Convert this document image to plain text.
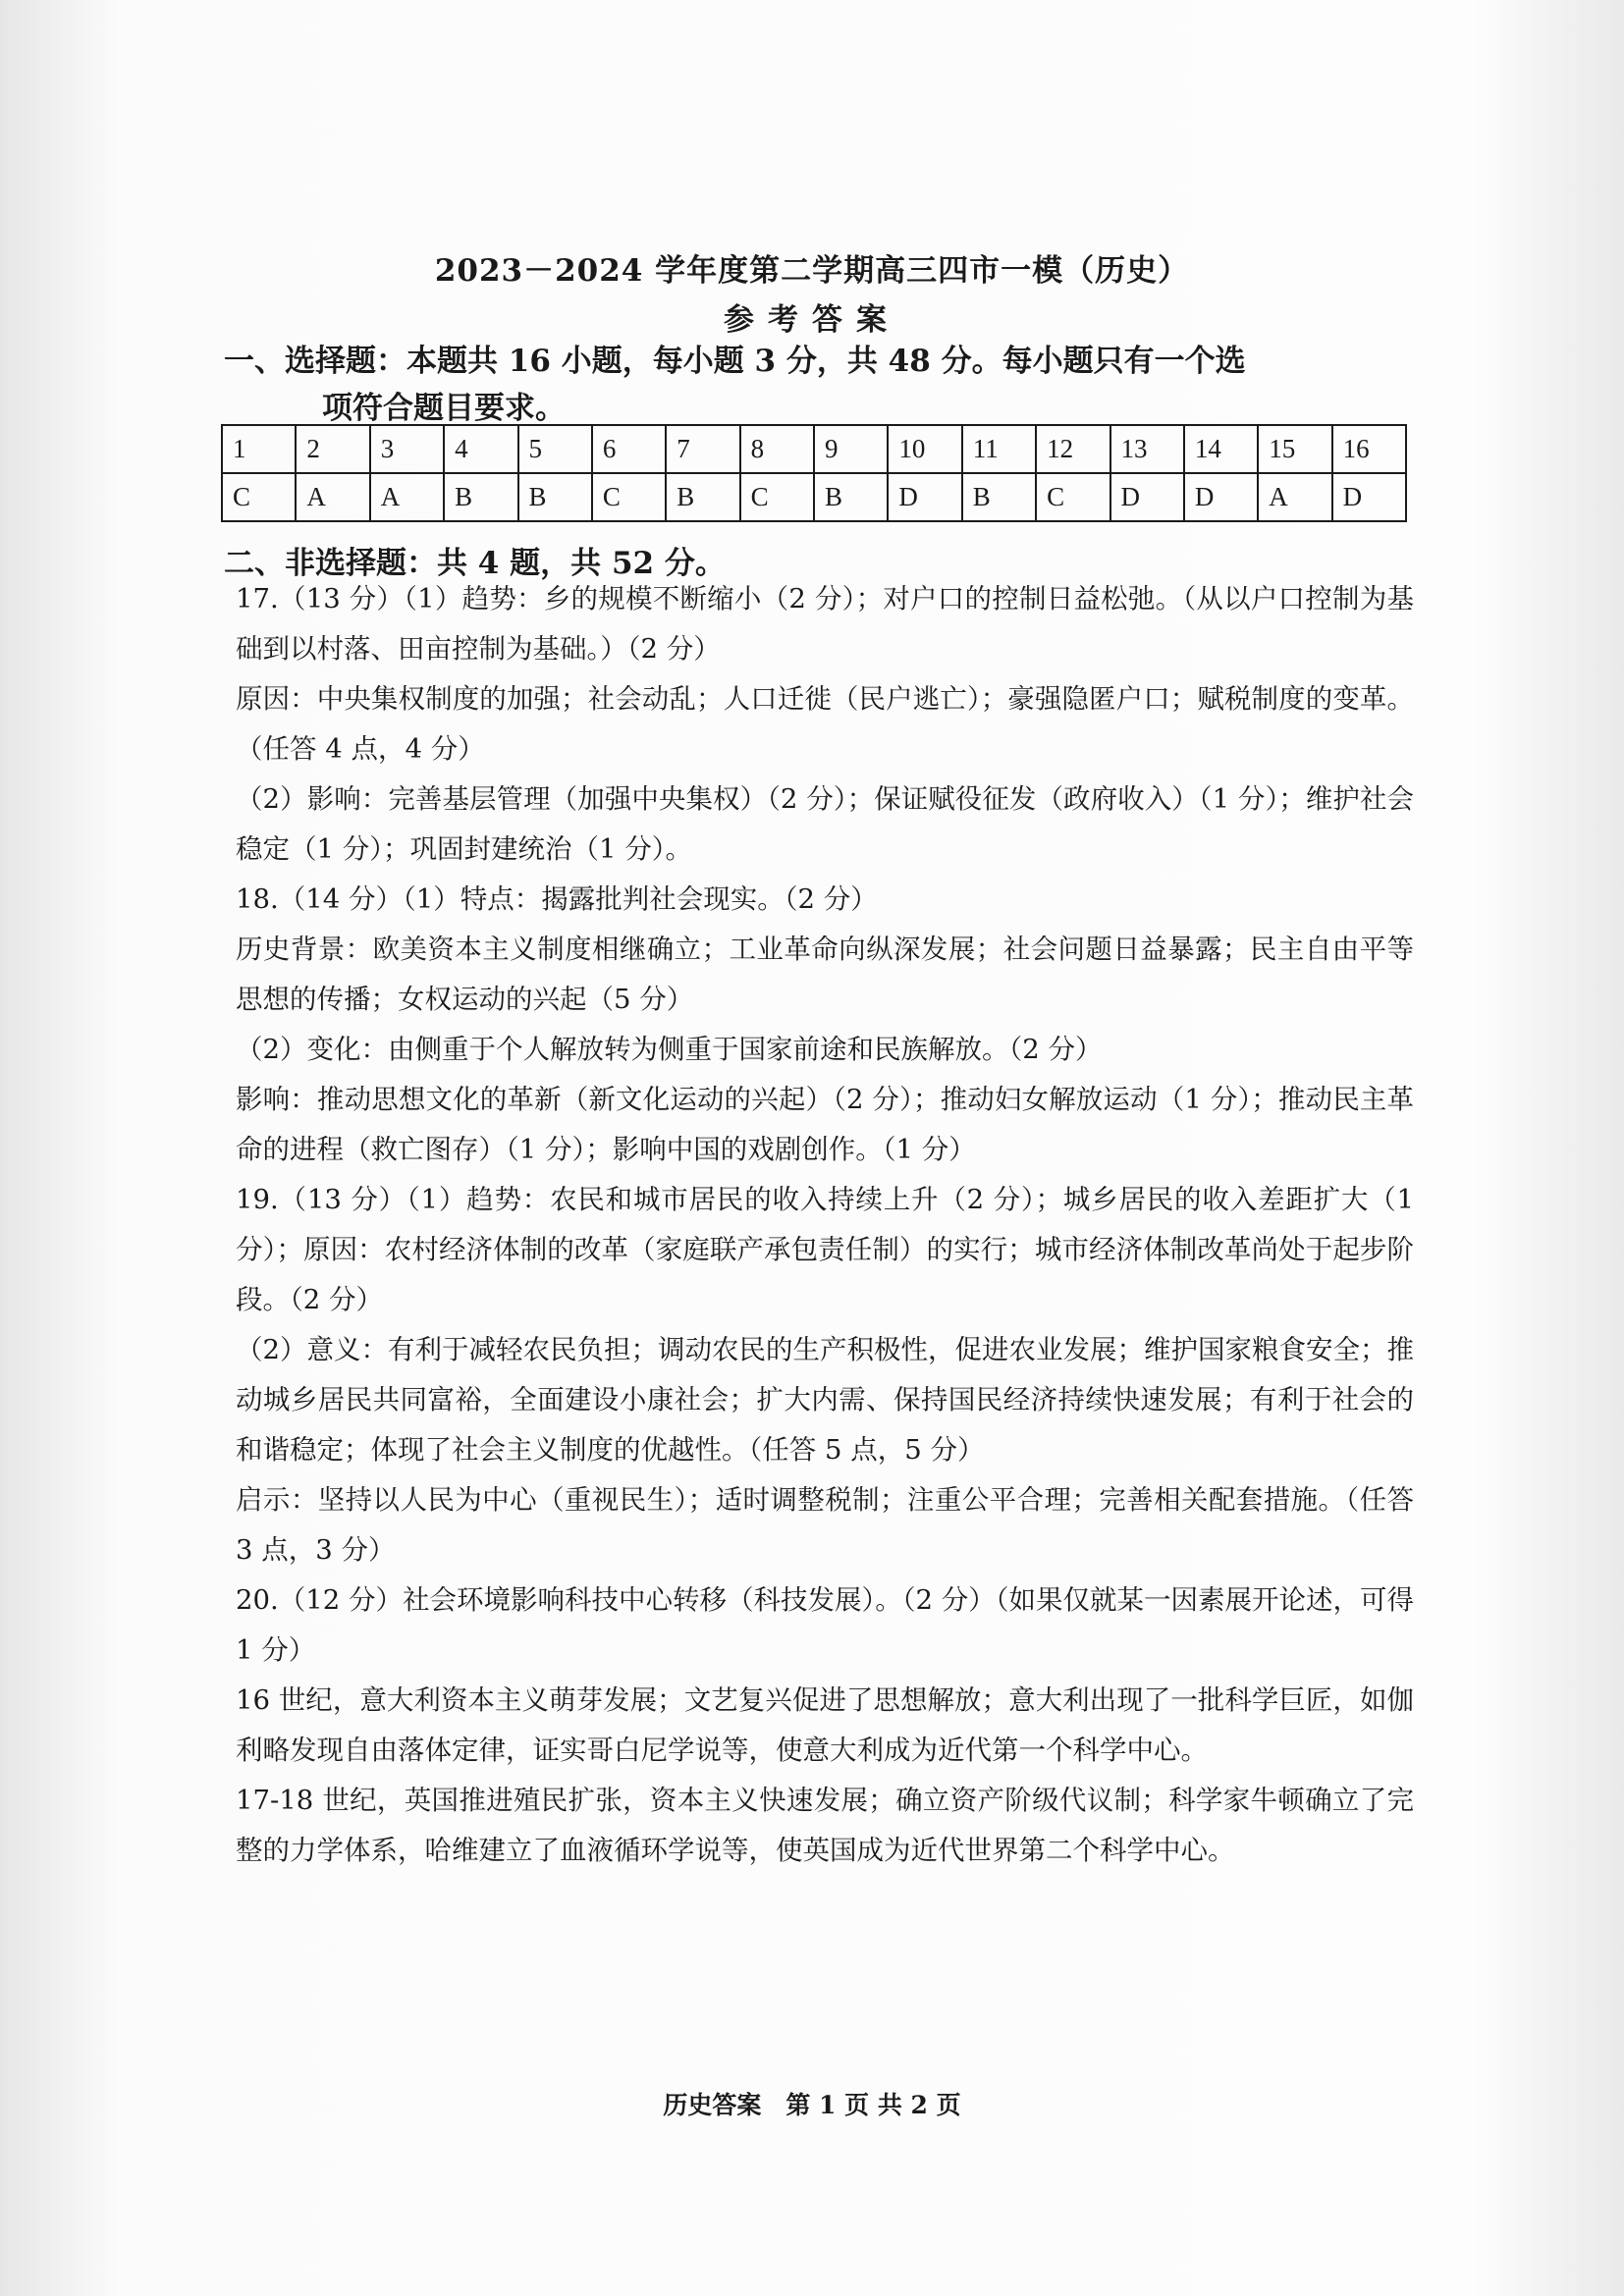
2023－2024 学年度第二学期高三四市一模（历史）
参考答案
一、选择题：本题共 16 小题，每小题 3 分，共 48 分。每小题只有一个选
项符合题目要求。
1	2	3	4	5	6	7	8	9	10	11	12	13	14	15	16
C	A	A	B	B	C	B	C	B	D	B	C	D	D	A	D
二、非选择题：共 4 题，共 52 分。

17.（13 分）（1）趋势：乡的规模不断缩小（2 分）；对户口的控制日益松弛。（从以户口控制为基础到以村落、田亩控制为基础。）（2 分）

原因：中央集权制度的加强；社会动乱；人口迁徙（民户逃亡）；豪强隐匿户口；赋税制度的变革。（任答 4 点，4 分）

（2）影响：完善基层管理（加强中央集权）（2 分）；保证赋役征发（政府收入）（1 分）；维护社会稳定（1 分）；巩固封建统治（1 分）。

18.（14 分）（1）特点：揭露批判社会现实。（2 分）

历史背景：欧美资本主义制度相继确立；工业革命向纵深发展；社会问题日益暴露；民主自由平等思想的传播；女权运动的兴起（5 分）

（2）变化：由侧重于个人解放转为侧重于国家前途和民族解放。（2 分）

影响：推动思想文化的革新（新文化运动的兴起）（2 分）；推动妇女解放运动（1 分）；推动民主革命的进程（救亡图存）（1 分）；影响中国的戏剧创作。（1 分）

19.（13 分）（1）趋势：农民和城市居民的收入持续上升（2 分）；城乡居民的收入差距扩大（1 分）；原因：农村经济体制的改革（家庭联产承包责任制）的实行；城市经济体制改革尚处于起步阶段。（2 分）

（2）意义：有利于减轻农民负担；调动农民的生产积极性，促进农业发展；维护国家粮食安全；推动城乡居民共同富裕，全面建设小康社会；扩大内需、保持国民经济持续快速发展；有利于社会的和谐稳定；体现了社会主义制度的优越性。（任答 5 点，5 分）

启示：坚持以人民为中心（重视民生）；适时调整税制；注重公平合理；完善相关配套措施。（任答 3 点，3 分）

20.（12 分）社会环境影响科技中心转移（科技发展）。（2 分）（如果仅就某一因素展开论述，可得 1 分）

16 世纪，意大利资本主义萌芽发展；文艺复兴促进了思想解放；意大利出现了一批科学巨匠，如伽利略发现自由落体定律，证实哥白尼学说等，使意大利成为近代第一个科学中心。

17-18 世纪，英国推进殖民扩张，资本主义快速发展；确立资产阶级代议制；科学家牛顿确立了完整的力学体系，哈维建立了血液循环学说等，使英国成为近代世界第二个科学中心。

历史答案　第 1 页 共 2 页
